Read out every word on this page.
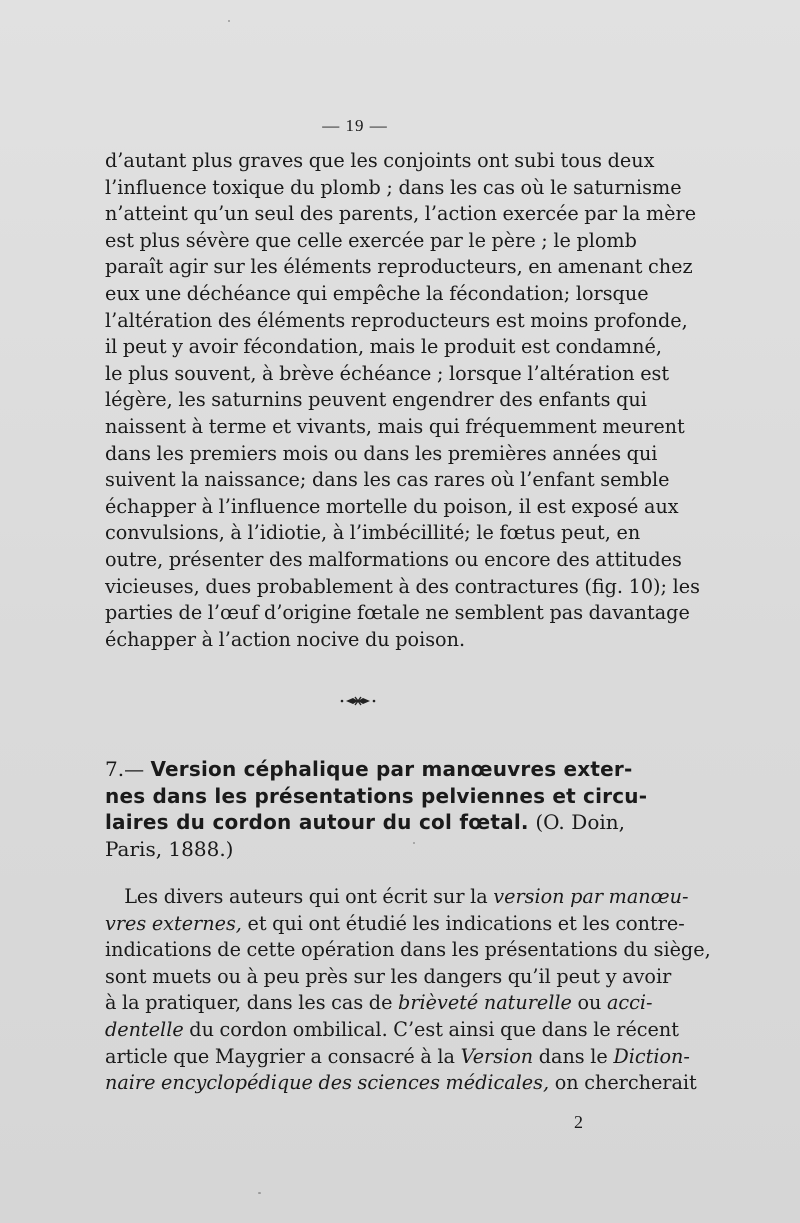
— 19 —
d’autant plus graves que les conjoints ont subi tous deux
l’influence toxique du plomb ; dans les cas où le saturnisme
n’atteint qu’un seul des parents, l’action exercée par la mère
est plus sévère que celle exercée par le père ; le plomb
paraît agir sur les éléments reproducteurs, en amenant chez
eux une déchéance qui empêche la fécondation; lorsque
l’altération des éléments reproducteurs est moins profonde,
il peut y avoir fécondation, mais le produit est condamné,
le plus souvent, à brève échéance ; lorsque l’altération est
légère, les saturnins peuvent engendrer des enfants qui
naissent à terme et vivants, mais qui fréquemment meurent
dans les premiers mois ou dans les premières années qui
suivent la naissance; dans les cas rares où l’enfant semble
échapper à l’influence mortelle du poison, il est exposé aux
convulsions, à l’idiotie, à l’imbécillité; le fœtus peut, en
outre, présenter des malformations ou encore des attitudes
vicieuses, dues probablement à des contractures (fig. 10); les
parties de l’œuf d’origine fœtale ne semblent pas davantage
échapper à l’action nocive du poison.
7.— Version céphalique par manœuvres exter-
nes dans les présentations pelviennes et circu-
laires du cordon autour du col fœtal. (O. Doin,
Paris, 1888.)
 Les divers auteurs qui ont écrit sur la version par manœu-
vres externes, et qui ont étudié les indications et les contre-
indications de cette opération dans les présentations du siège,
sont muets ou à peu près sur les dangers qu’il peut y avoir
à la pratiquer, dans les cas de brièveté naturelle ou acci-
dentelle du cordon ombilical. C’est ainsi que dans le récent
article que Maygrier a consacré à la Version dans le Diction-
naire encyclopédique des sciences médicales, on chercherait
2
